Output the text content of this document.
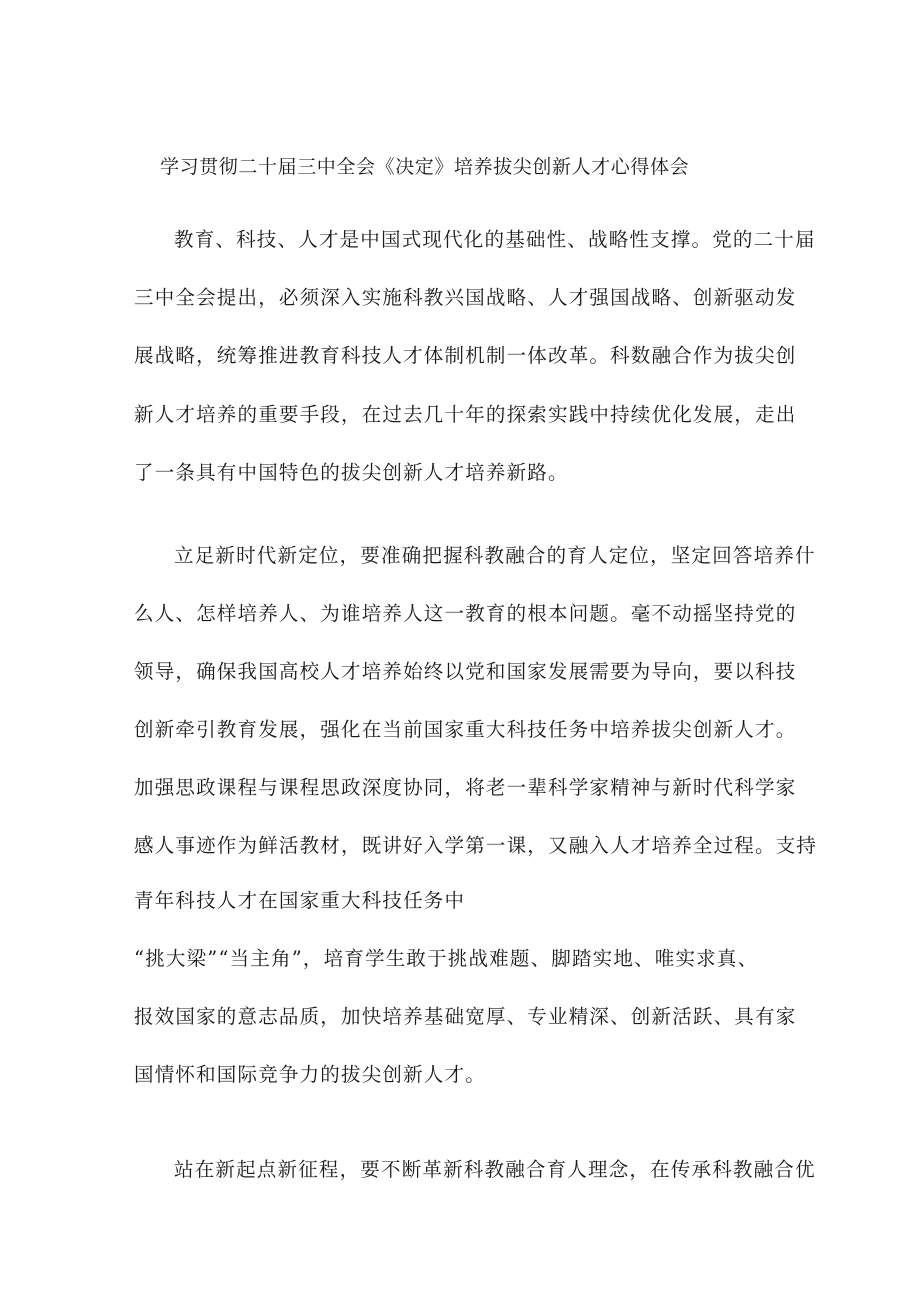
学习贯彻二十届三中全会《决定》培养拔尖创新人才心得体会
教育、科技、人才是中国式现代化的基础性、战略性支撑。党的二十届
三中全会提出，必须深入实施科教兴国战略、人才强国战略、创新驱动发
展战略，统筹推进教育科技人才体制机制一体改革。科数融合作为拔尖创
新人才培养的重要手段，在过去几十年的探索实践中持续优化发展，走出
了一条具有中国特色的拔尖创新人才培养新路。
立足新时代新定位，要准确把握科教融合的育人定位，坚定回答培养什
么人、怎样培养人、为谁培养人这一教育的根本问题。毫不动摇坚持党的
领导，确保我国高校人才培养始终以党和国家发展需要为导向，要以科技
创新牵引教育发展，强化在当前国家重大科技任务中培养拔尖创新人才。
加强思政课程与课程思政深度协同，将老一辈科学家精神与新时代科学家
感人事迹作为鲜活教材，既讲好入学第一课，又融入人才培养全过程。支持
青年科技人才在国家重大科技任务中
“挑大梁”“当主角”，培育学生敢于挑战难题、脚踏实地、唯实求真、
报效国家的意志品质，加快培养基础宽厚、专业精深、创新活跃、具有家
国情怀和国际竞争力的拔尖创新人才。
站在新起点新征程，要不断革新科教融合育人理念，在传承科教融合优
